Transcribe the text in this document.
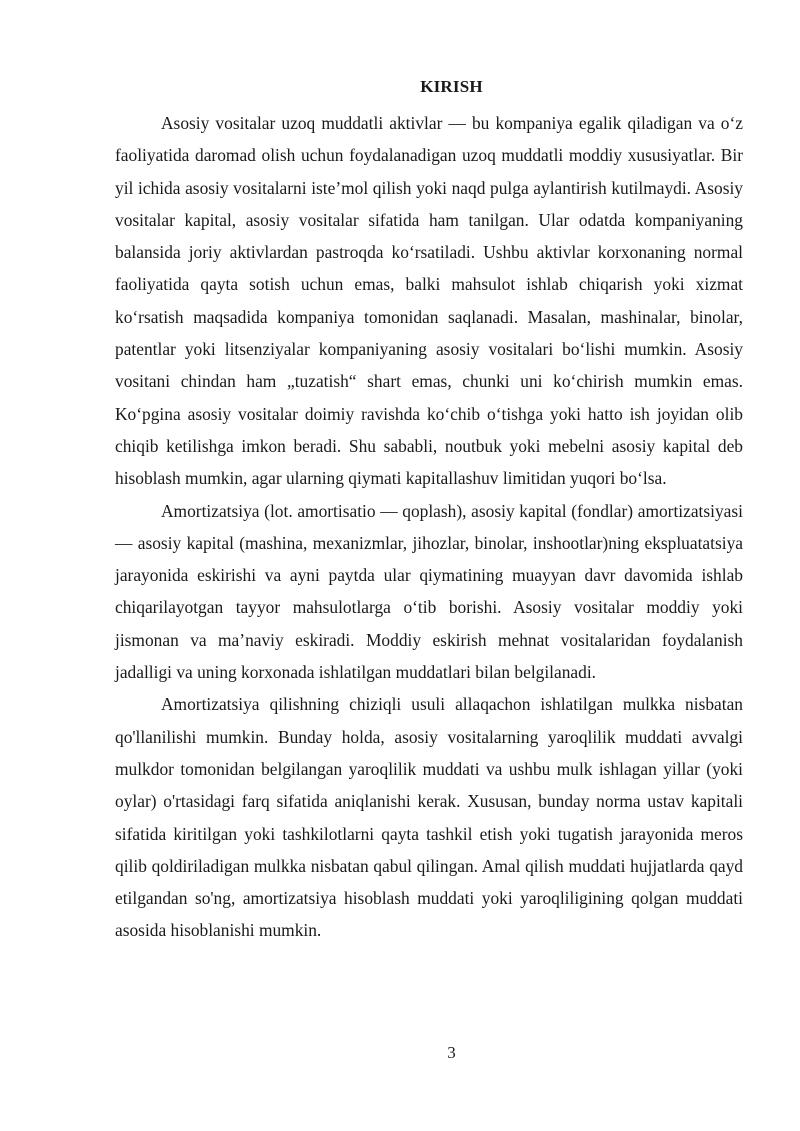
KIRISH

Asosiy vositalar uzoq muddatli aktivlar — bu kompaniya egalik qiladigan va o‘z faoliyatida daromad olish uchun foydalanadigan uzoq muddatli moddiy xususiyatlar. Bir yil ichida asosiy vositalarni iste’mol qilish yoki naqd pulga aylantirish kutilmaydi. Asosiy vositalar kapital, asosiy vositalar sifatida ham tanilgan. Ular odatda kompaniyaning balansida joriy aktivlardan pastroqda ko‘rsatiladi. Ushbu aktivlar korxonaning normal faoliyatida qayta sotish uchun emas, balki mahsulot ishlab chiqarish yoki xizmat ko‘rsatish maqsadida kompaniya tomonidan saqlanadi. Masalan, mashinalar, binolar, patentlar yoki litsenziyalar kompaniyaning asosiy vositalari bo‘lishi mumkin. Asosiy vositani chindan ham „tuzatish“ shart emas, chunki uni ko‘chirish mumkin emas. Ko‘pgina asosiy vositalar doimiy ravishda ko‘chib o‘tishga yoki hatto ish joyidan olib chiqib ketilishga imkon beradi. Shu sababli, noutbuk yoki mebelni asosiy kapital deb hisoblash mumkin, agar ularning qiymati kapitallashuv limitidan yuqori bo‘lsa.

Amortizatsiya (lot. amortisatio — qoplash), asosiy kapital (fondlar) amortizatsiyasi — asosiy kapital (mashina, mexanizmlar, jihozlar, binolar, inshootlar)ning ekspluatatsiya jarayonida eskirishi va ayni paytda ular qiymatining muayyan davr davomida ishlab chiqarilayotgan tayyor mahsulotlarga o‘tib borishi. Asosiy vositalar moddiy yoki jismonan va ma’naviy eskiradi. Moddiy eskirish mehnat vositalaridan foydalanish jadalligi va uning korxonada ishlatilgan muddatlari bilan belgilanadi.

Amortizatsiya qilishning chiziqli usuli allaqachon ishlatilgan mulkka nisbatan qo'llanilishi mumkin. Bunday holda, asosiy vositalarning yaroqlilik muddati avvalgi mulkdor tomonidan belgilangan yaroqlilik muddati va ushbu mulk ishlagan yillar (yoki oylar) o'rtasidagi farq sifatida aniqlanishi kerak. Xususan, bunday norma ustav kapitali sifatida kiritilgan yoki tashkilotlarni qayta tashkil etish yoki tugatish jarayonida meros qilib qoldiriladigan mulkka nisbatan qabul qilingan. Amal qilish muddati hujjatlarda qayd etilgandan so'ng, amortizatsiya hisoblash muddati yoki yaroqliligining qolgan muddati asosida hisoblanishi mumkin.

3
